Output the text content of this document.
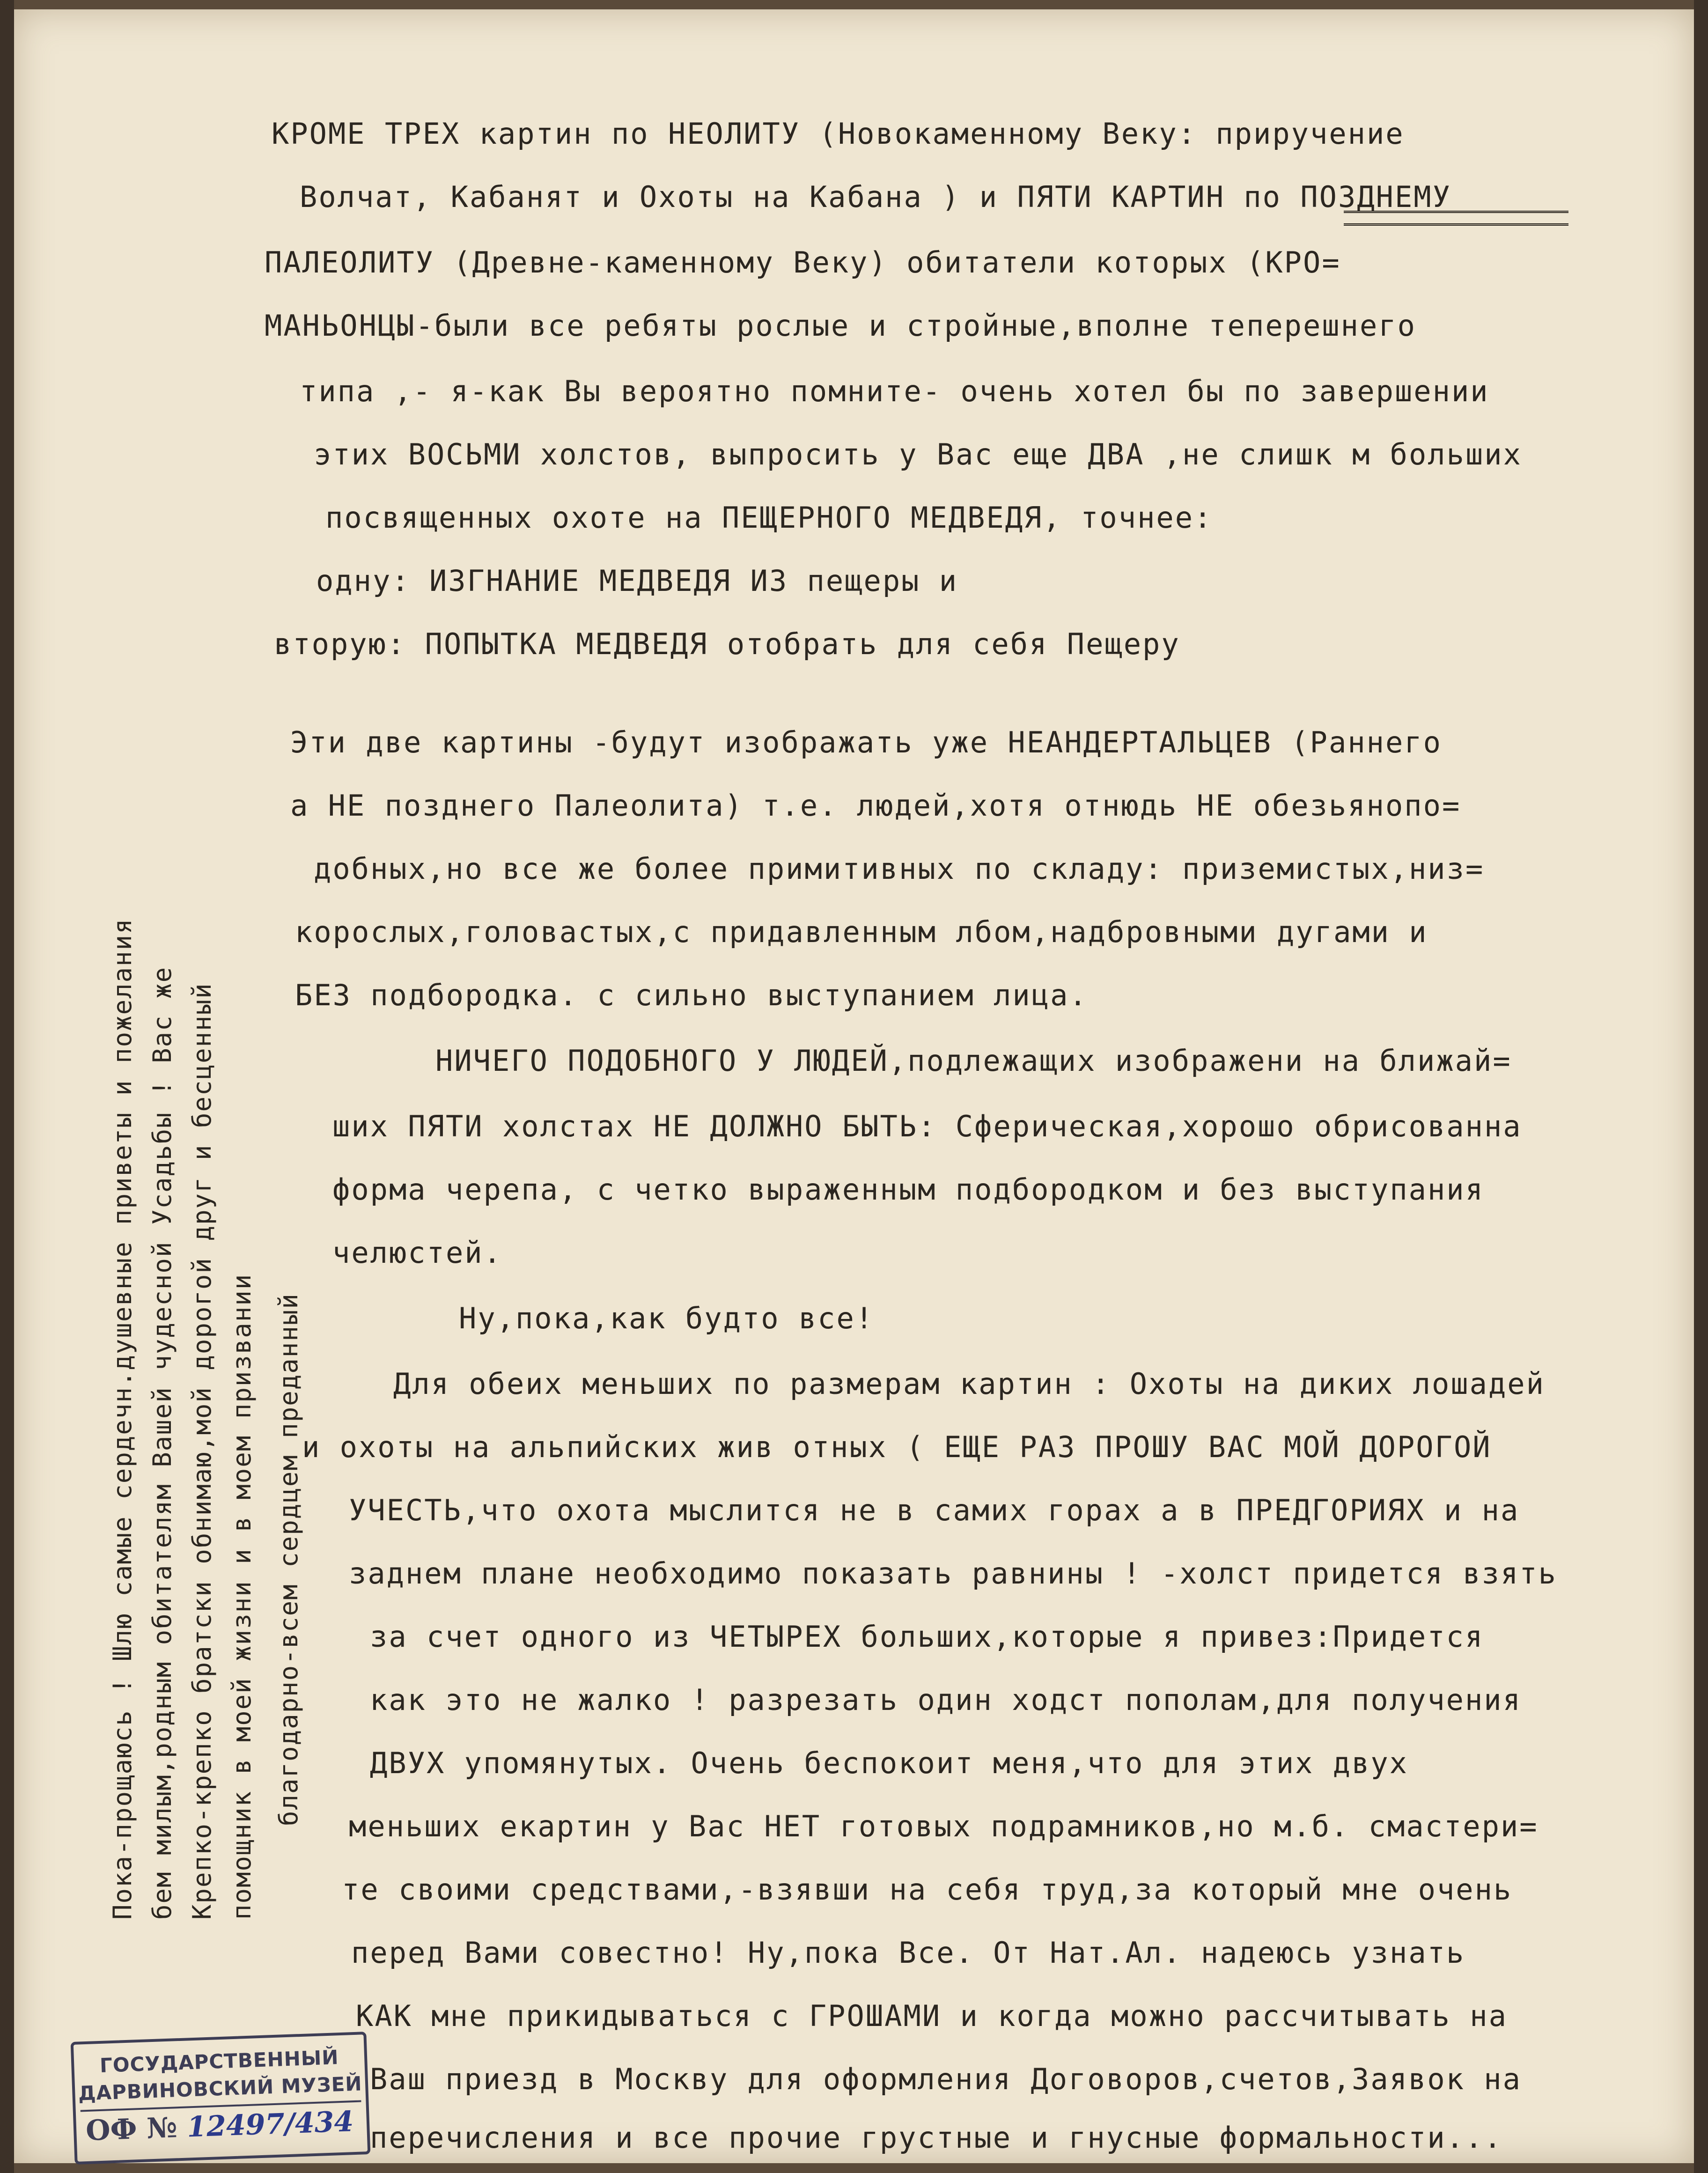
КРОМЕ ТРЕХ картин по НЕОЛИТУ (Новокаменному Веку: приручение
Волчат, Кабанят и Охоты на Кабана ) и ПЯТИ КАРТИН по ПОЗДНЕМУ
ПАЛЕОЛИТУ (Древне-каменному Веку) обитатели которых (КРО=
МАНЬОНЦЫ-были все ребяты рослые и стройные,вполне теперешнего
типа ,- я-как Вы вероятно помните- очень хотел бы по завершении
этих ВОСЬМИ холстов, выпросить у Вас еще ДВА ,не слишк м больших
посвященных охоте на ПЕЩЕРНОГО МЕДВЕДЯ, точнее:
одну: ИЗГНАНИЕ МЕДВЕДЯ ИЗ пещеры и
вторую: ПОПЫТКА МЕДВЕДЯ отобрать для себя Пещеру
Эти две картины -будут изображать уже НЕАНДЕРТАЛЬЦЕВ (Раннего
а НЕ позднего Палеолита) т.е. людей,хотя отнюдь НЕ обезьянопо=
добных,но все же более примитивных по складу: приземистых,низ=
корослых,головастых,с придавленным лбом,надбровными дугами и
БЕЗ подбородка. с сильно выступанием лица.
НИЧЕГО ПОДОБНОГО У ЛЮДЕЙ,подлежащих изображени на ближай=
ших ПЯТИ холстах НЕ ДОЛЖНО БЫТЬ: Сферическая,хорошо обрисованна
форма черепа, с четко выраженным подбородком и без выступания
челюстей.
Ну,пока,как будто все!
Для обеих меньших по размерам картин : Охоты на диких лошадей
и охоты на альпийских жив отных ( ЕЩЕ РАЗ ПРОШУ ВАС МОЙ ДОРОГОЙ
УЧЕСТЬ,что охота мыслится не в самих горах а в ПРЕДГОРИЯХ и на
заднем плане необходимо показать равнины ! -холст придется взять
за счет одного из ЧЕТЫРЕХ больших,которые я привез:Придется
как это не жалко ! разрезать один ходст пополам,для получения
ДВУХ упомянутых. Очень беспокоит меня,что для этих двух
меньших екартин у Вас НЕТ готовых подрамников,но м.б. смастери=
те своими средствами,-взявши на себя труд,за который мне очень
перед Вами совестно! Ну,пока Все. От Нат.Ал. надеюсь узнать
КАК мне прикидываться с ГРОШАМИ и когда можно рассчитывать на
Ваш приезд в Москву для оформления Договоров,счетов,Заявок на
перечисления и все прочие грустные и гнусные формальности...
Пока-прощаюсь ! Шлю самые сердечн.душевные приветы и пожелания бем милым,родным обитателям Вашей чудесной Усадьбы ! Вас же Крепко-крепко братски обнимаю,мой дорогой друг и бесценный помощник в моей жизни и в моем призвании благодарно-всем сердцем преданный
ГОСУДАРСТВЕННЫЙ
ДАРВИНОВСКИЙ МУЗЕЙ
ОФ № 12497/434
